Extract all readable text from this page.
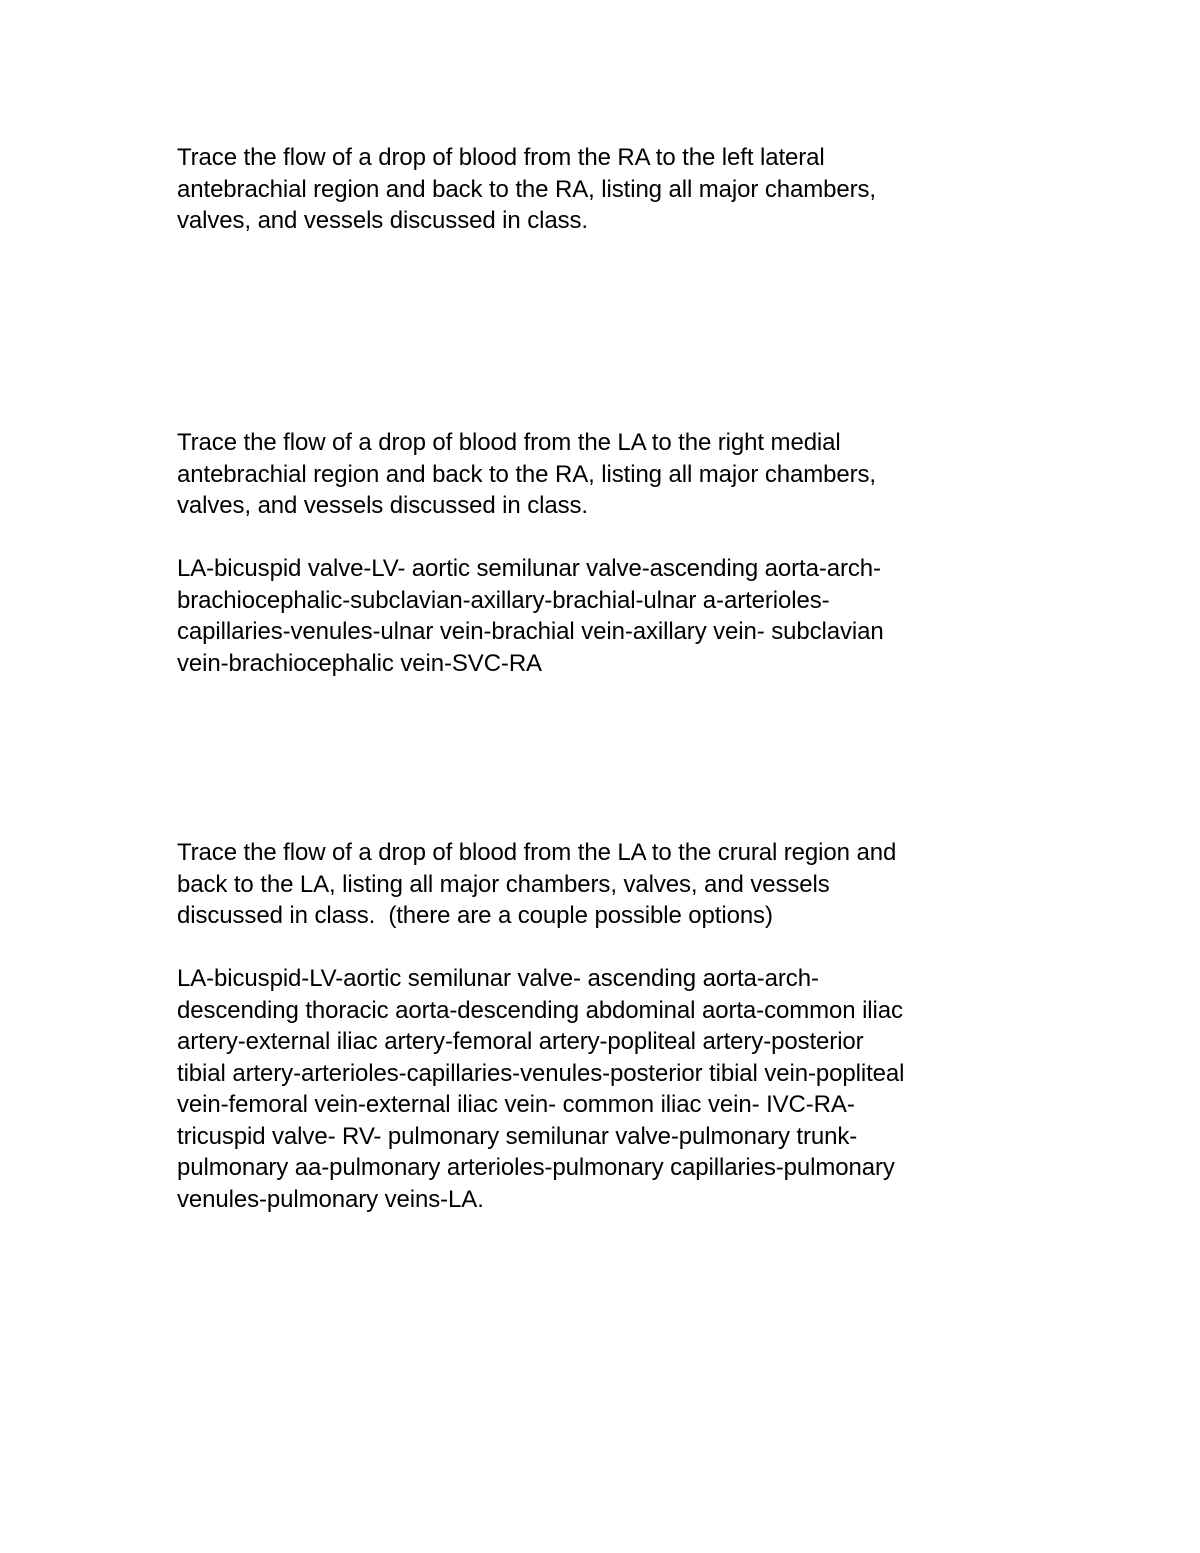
Trace the flow of a drop of blood from the RA to the left lateral
antebrachial region and back to the RA, listing all major chambers,
valves, and vessels discussed in class.

Trace the flow of a drop of blood from the LA to the right medial
antebrachial region and back to the RA, listing all major chambers,
valves, and vessels discussed in class.

LA-bicuspid valve-LV- aortic semilunar valve-ascending aorta-arch-
brachiocephalic-subclavian-axillary-brachial-ulnar a-arterioles-
capillaries-venules-ulnar vein-brachial vein-axillary vein- subclavian
vein-brachiocephalic vein-SVC-RA

Trace the flow of a drop of blood from the LA to the crural region and
back to the LA, listing all major chambers, valves, and vessels
discussed in class.  (there are a couple possible options)

LA-bicuspid-LV-aortic semilunar valve- ascending aorta-arch-
descending thoracic aorta-descending abdominal aorta-common iliac
artery-external iliac artery-femoral artery-popliteal artery-posterior
tibial artery-arterioles-capillaries-venules-posterior tibial vein-popliteal
vein-femoral vein-external iliac vein- common iliac vein- IVC-RA-
tricuspid valve- RV- pulmonary semilunar valve-pulmonary trunk-
pulmonary aa-pulmonary arterioles-pulmonary capillaries-pulmonary
venules-pulmonary veins-LA.
